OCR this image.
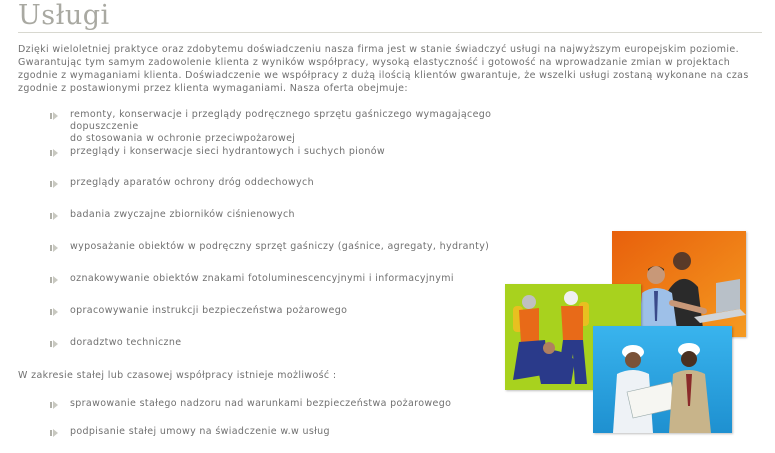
Usługi
Dzięki wieloletniej praktyce oraz zdobytemu doświadczeniu nasza firma jest w stanie świadczyć usługi na najwyższym europejskim poziomie. Gwarantując tym samym zadowolenie klienta z wyników współpracy, wysoką elastyczność i gotowość na wprowadzanie zmian w projektach zgodnie z wymaganiami klienta. Doświadczenie we współpracy z dużą ilością klientów gwarantuje, że wszelki usługi zostaną wykonane na czas zgodnie z postawionymi przez klienta wymaganiami. Nasza oferta obejmuje:
remonty, konserwacje i przeglądy podręcznego sprzętu gaśniczego wymagającego dopuszczenie
do stosowania w ochronie przeciwpożarowej
przeglądy i konserwacje sieci hydrantowych i suchych pionów
przeglądy aparatów ochrony dróg oddechowych
badania zwyczajne zbiorników ciśnienowych
wyposażanie obiektów w podręczny sprzęt gaśniczy (gaśnice, agregaty, hydranty)
oznakowywanie obiektów znakami fotoluminescencyjnymi i informacyjnymi
opracowywanie instrukcji bezpieczeństwa pożarowego
doradztwo techniczne
W zakresie stałej lub czasowej współpracy istnieje możliwość :
sprawowanie stałego nadzoru nad warunkami bezpieczeństwa pożarowego
podpisanie stałej umowy na świadczenie w.w usług
